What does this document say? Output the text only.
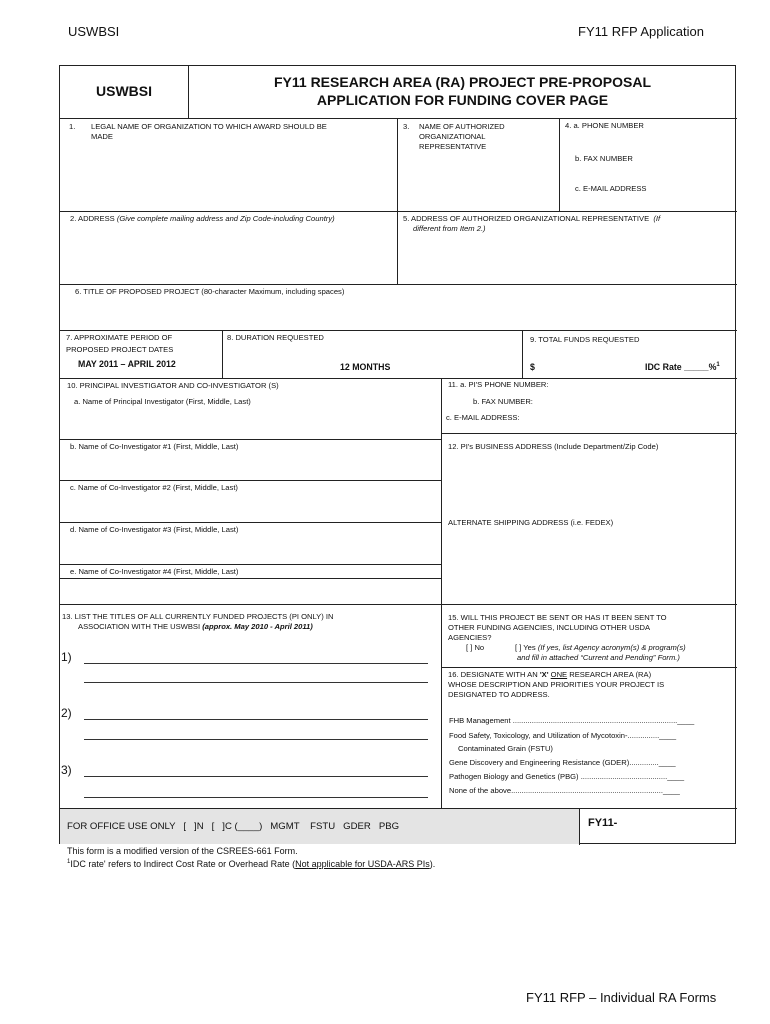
USWBSI	FY11 RFP Application
USWBSI
FY11 RESEARCH AREA (RA) PROJECT PRE-PROPOSAL
APPLICATION FOR FUNDING COVER PAGE
1. LEGAL NAME OF ORGANIZATION TO WHICH AWARD SHOULD BE
MADE
3. NAME OF AUTHORIZED
ORGANIZATIONAL
REPRESENTATIVE
4. a. PHONE NUMBER
b. FAX NUMBER
c. E-MAIL ADDRESS
2. ADDRESS (Give complete mailing address and Zip Code-including Country)	5. ADDRESS OF AUTHORIZED ORGANIZATIONAL REPRESENTATIVE (If
different from Item 2.)
6. TITLE OF PROPOSED PROJECT (80-character Maximum, including spaces)
7. APPROXIMATE PERIOD OF
PROPOSED PROJECT DATES
MAY 2011 – APRIL 2012
8. DURATION REQUESTED
12 MONTHS
9. TOTAL FUNDS REQUESTED
$	IDC Rate _____%$^1$
10. PRINCIPAL INVESTIGATOR AND CO-INVESTIGATOR (S)
a. Name of Principal Investigator (First, Middle, Last)
b. Name of Co-Investigator #1 (First, Middle, Last)
c. Name of Co-Investigator #2 (First, Middle, Last)
d. Name of Co-Investigator #3 (First, Middle, Last)
e. Name of Co-Investigator #4 (First, Middle, Last)
11. a. PI'S PHONE NUMBER:
b. FAX NUMBER:
c. E-MAIL ADDRESS:
12. PI's BUSINESS ADDRESS (Include Department/Zip Code)
ALTERNATE SHIPPING ADDRESS (i.e. FEDEX)
13. LIST THE TITLES OF ALL CURRENTLY FUNDED PROJECTS (PI ONLY) IN
ASSOCIATION WITH THE USWBSI (approx. May 2010 - April 2011)
1)
2)
3)
15. WILL THIS PROJECT BE SENT OR HAS IT BEEN SENT TO
OTHER FUNDING AGENCIES, INCLUDING OTHER USDA
AGENCIES?
[ ] No	[ ] Yes (If yes, list Agency acronym(s) & program(s)
and fill in attached “Current and Pending” Form.)
16. DESIGNATE WITH AN 'X' ONE RESEARCH AREA (RA)
WHOSE DESCRIPTION AND PRIORITIES YOUR PROJECT IS
DESIGNATED TO ADDRESS.
FHB Management ..............................................................................____
Food Safety, Toxicology, and Utilization of Mycotoxin-...............____
Contaminated Grain (FSTU)
Gene Discovery and Engineering Resistance (GDER)..............____
Pathogen Biology and Genetics (PBG) .........................................____
None of the above........................................................................____
FOR OFFICE USE ONLY   [   ]N   [   ]C (____)   MGMT    FSTU   GDER   PBG	FY11-
This form is a modified version of the CSREES-661 Form.
$^1$IDC rate' refers to Indirect Cost Rate or Overhead Rate (Not applicable for USDA-ARS PIs).
FY11 RFP – Individual RA Forms
